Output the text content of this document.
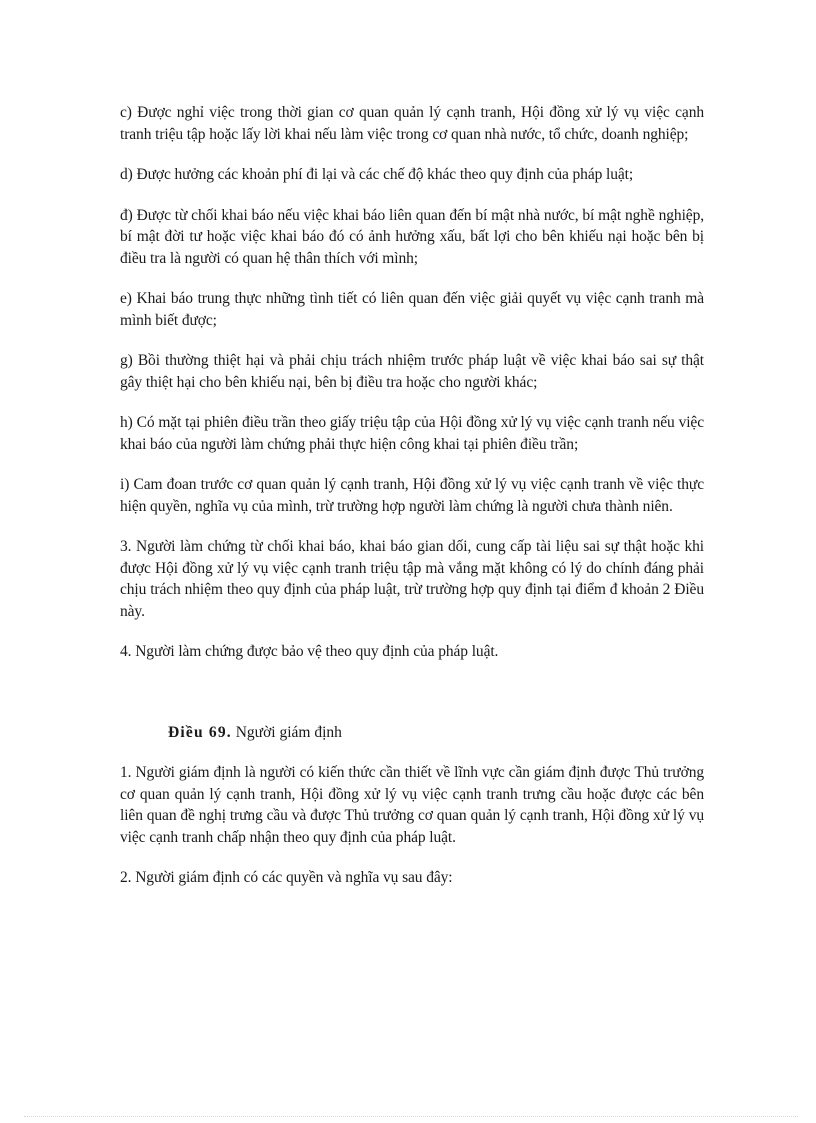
c) Được nghỉ việc trong thời gian cơ quan quản lý cạnh tranh, Hội đồng xử lý vụ việc cạnh tranh triệu tập hoặc lấy lời khai nếu làm việc trong cơ quan nhà nước, tổ chức, doanh nghiệp;

d) Được hưởng các khoản phí đi lại và các chế độ khác theo quy định của pháp luật;

đ) Được từ chối khai báo nếu việc khai báo liên quan đến bí mật nhà nước, bí mật nghề nghiệp, bí mật đời tư hoặc việc khai báo đó có ảnh hưởng xấu, bất lợi cho bên khiếu nại hoặc bên bị điều tra là người có quan hệ thân thích với mình;

e) Khai báo trung thực những tình tiết có liên quan đến việc giải quyết vụ việc cạnh tranh mà mình biết được;

g) Bồi thường thiệt hại và phải chịu trách nhiệm trước pháp luật về việc khai báo sai sự thật gây thiệt hại cho bên khiếu nại, bên bị điều tra hoặc cho người khác;

h) Có mặt tại phiên điều trần theo giấy triệu tập của Hội đồng xử lý vụ việc cạnh tranh nếu việc khai báo của người làm chứng phải thực hiện công khai tại phiên điều trần;

i) Cam đoan trước cơ quan quản lý cạnh tranh, Hội đồng xử lý vụ việc cạnh tranh về việc thực hiện quyền, nghĩa vụ của mình, trừ trường hợp người làm chứng là người chưa thành niên.

3. Người làm chứng từ chối khai báo, khai báo gian dối, cung cấp tài liệu sai sự thật hoặc khi được Hội đồng xử lý vụ việc cạnh tranh triệu tập mà vắng mặt không có lý do chính đáng phải chịu trách nhiệm theo quy định của pháp luật, trừ trường hợp quy định tại điểm đ khoản 2 Điều này.

4. Người làm chứng được bảo vệ theo quy định của pháp luật.

Điều 69. Người giám định

1. Người giám định là người có kiến thức cần thiết về lĩnh vực cần giám định được Thủ trưởng cơ quan quản lý cạnh tranh, Hội đồng xử lý vụ việc cạnh tranh trưng cầu hoặc được các bên liên quan đề nghị trưng cầu và được Thủ trưởng cơ quan quản lý cạnh tranh, Hội đồng xử lý vụ việc cạnh tranh chấp nhận theo quy định của pháp luật.

2. Người giám định có các quyền và nghĩa vụ sau đây:
